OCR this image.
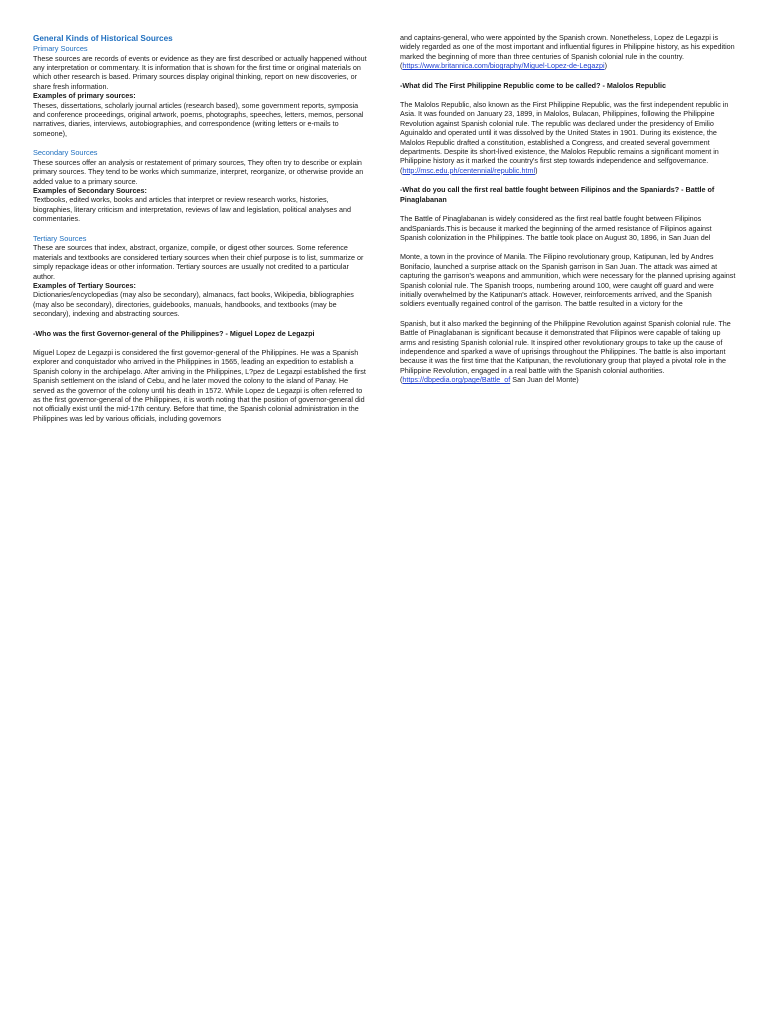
General Kinds of Historical Sources

Primary Sources

These sources are records of events or evidence as they are first described or actually happened without any interpretation or commentary. It is information that is shown for the first time or original materials on which other research is based. Primary sources display original thinking, report on new discoveries, or share fresh information.

Examples of primary sources:

Theses, dissertations, scholarly journal articles (research based), some government reports, symposia and conference proceedings, original artwork, poems, photographs, speeches, letters, memos, personal narratives, diaries, interviews, autobiographies, and correspondence (writing letters or e-mails to someone),

Secondary Sources

These sources offer an analysis or restatement of primary sources, They often try to describe or explain primary sources. They tend to be works which summarize, interpret, reorganize, or otherwise provide an added value to a primary source.

Examples of Secondary Sources:

Textbooks, edited works, books and articles that interpret or review research works, histories, biographies, literary criticism and interpretation, reviews of law and legislation, political analyses and commentaries.

Tertiary Sources

These are sources that index, abstract, organize, compile, or digest other sources. Some reference materials and textbooks are considered tertiary sources when their chief purpose is to list, summarize or simply repackage ideas or other information. Tertiary sources are usually not credited to a particular author.

Examples of Tertiary Sources:

Dictionaries/encyclopedias (may also be secondary), almanacs, fact books, Wikipedia, bibliographies (may also be secondary), directories, guidebooks, manuals, handbooks, and textbooks (may be secondary), indexing and abstracting sources.

-Who was the first Governor-general of the Philippines? - Miguel Lopez de Legazpi

Miguel Lopez de Legazpi is considered the first governor-general of the Philippines. He was a Spanish explorer and conquistador who arrived in the Philippines in 1565, leading an expedition to establish a Spanish colony in the archipelago. After arriving in the Philippines, L?pez de Legazpi established the first Spanish settlement on the island of Cebu, and he later moved the colony to the island of Panay. He served as the governor of the colony until his death in 1572. While Lopez de Legazpi is often referred to as the first governor-general of the Philippines, it is worth noting that the position of governor-general did not officially exist until the mid-17th century. Before that time, the Spanish colonial administration in the Philippines was led by various officials, including governors

and captains-general, who were appointed by the Spanish crown. Nonetheless, Lopez de Legazpi is widely regarded as one of the most important and influential figures in Philippine history, as his expedition marked the beginning of more than three centuries of Spanish colonial rule in the country. (https://www.britannica.com/biography/Miguel-Lopez-de-Legazpi)

-What did The First Philippine Republic come to be called? - Malolos Republic

The Malolos Republic, also known as the First Philippine Republic, was the first independent republic in Asia. It was founded on January 23, 1899, in Malolos, Bulacan, Philippines, following the Philippine Revolution against Spanish colonial rule. The republic was declared under the presidency of Emilio Aguinaldo and operated until it was dissolved by the United States in 1901. During its existence, the Malolos Republic drafted a constitution, established a Congress, and created several government departments. Despite its short-lived existence, the Malolos Republic remains a significant moment in Philippine history as it marked the country's first step towards independence and selfgovernance. (http://msc.edu.ph/centennial/republic.html)

-What do you call the first real battle fought between Filipinos and the Spaniards? - Battle of Pinaglabanan

The Battle of Pinaglabanan is widely considered as the first real battle fought between Filipinos andSpaniards.This is because it marked the beginning of the armed resistance of Filipinos against Spanish colonization in the Philippines. The battle took place on August 30, 1896, in San Juan del

Monte, a town in the province of Manila. The Filipino revolutionary group, Katipunan, led by Andres Bonifacio, launched a surprise attack on the Spanish garrison in San Juan. The attack was aimed at capturing the garrison's weapons and ammunition, which were necessary for the planned uprising against Spanish colonial rule. The Spanish troops, numbering around 100, were caught off guard and were initially overwhelmed by the Katipunan's attack. However, reinforcements arrived, and the Spanish soldiers eventually regained control of the garrison. The battle resulted in a victory for the

Spanish, but it also marked the beginning of the Philippine Revolution against Spanish colonial rule. The Battle of Pinaglabanan is significant because it demonstrated that Filipinos were capable of taking up arms and resisting Spanish colonial rule. It inspired other revolutionary groups to take up the cause of independence and sparked a wave of uprisings throughout the Philippines. The battle is also important because it was the first time that the Katipunan, the revolutionary group that played a pivotal role in the Philippine Revolution, engaged in a real battle with the Spanish colonial authorities. (https://dbpedia.org/page/Battle_of San Juan del Monte)
